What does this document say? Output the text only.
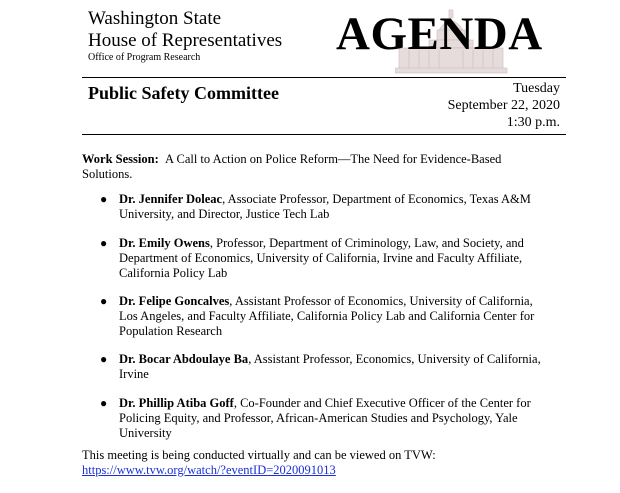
Washington State
House of Representatives
Office of Program Research	AGENDA
Public Safety Committee	Tuesday
September 22, 2020
1:30 p.m.
Work Session: A Call to Action on Police Reform—The Need for Evidence-Based Solutions.
● Dr. Jennifer Doleac, Associate Professor, Department of Economics, Texas A&M University, and Director, Justice Tech Lab
● Dr. Emily Owens, Professor, Department of Criminology, Law, and Society, and Department of Economics, University of California, Irvine and Faculty Affiliate, California Policy Lab
● Dr. Felipe Goncalves, Assistant Professor of Economics, University of California, Los Angeles, and Faculty Affiliate, California Policy Lab and California Center for Population Research
● Dr. Bocar Abdoulaye Ba, Assistant Professor, Economics, University of California, Irvine
● Dr. Phillip Atiba Goff, Co-Founder and Chief Executive Officer of the Center for Policing Equity, and Professor, African-American Studies and Psychology, Yale University
This meeting is being conducted virtually and can be viewed on TVW:
https://www.tvw.org/watch/?eventID=2020091013
